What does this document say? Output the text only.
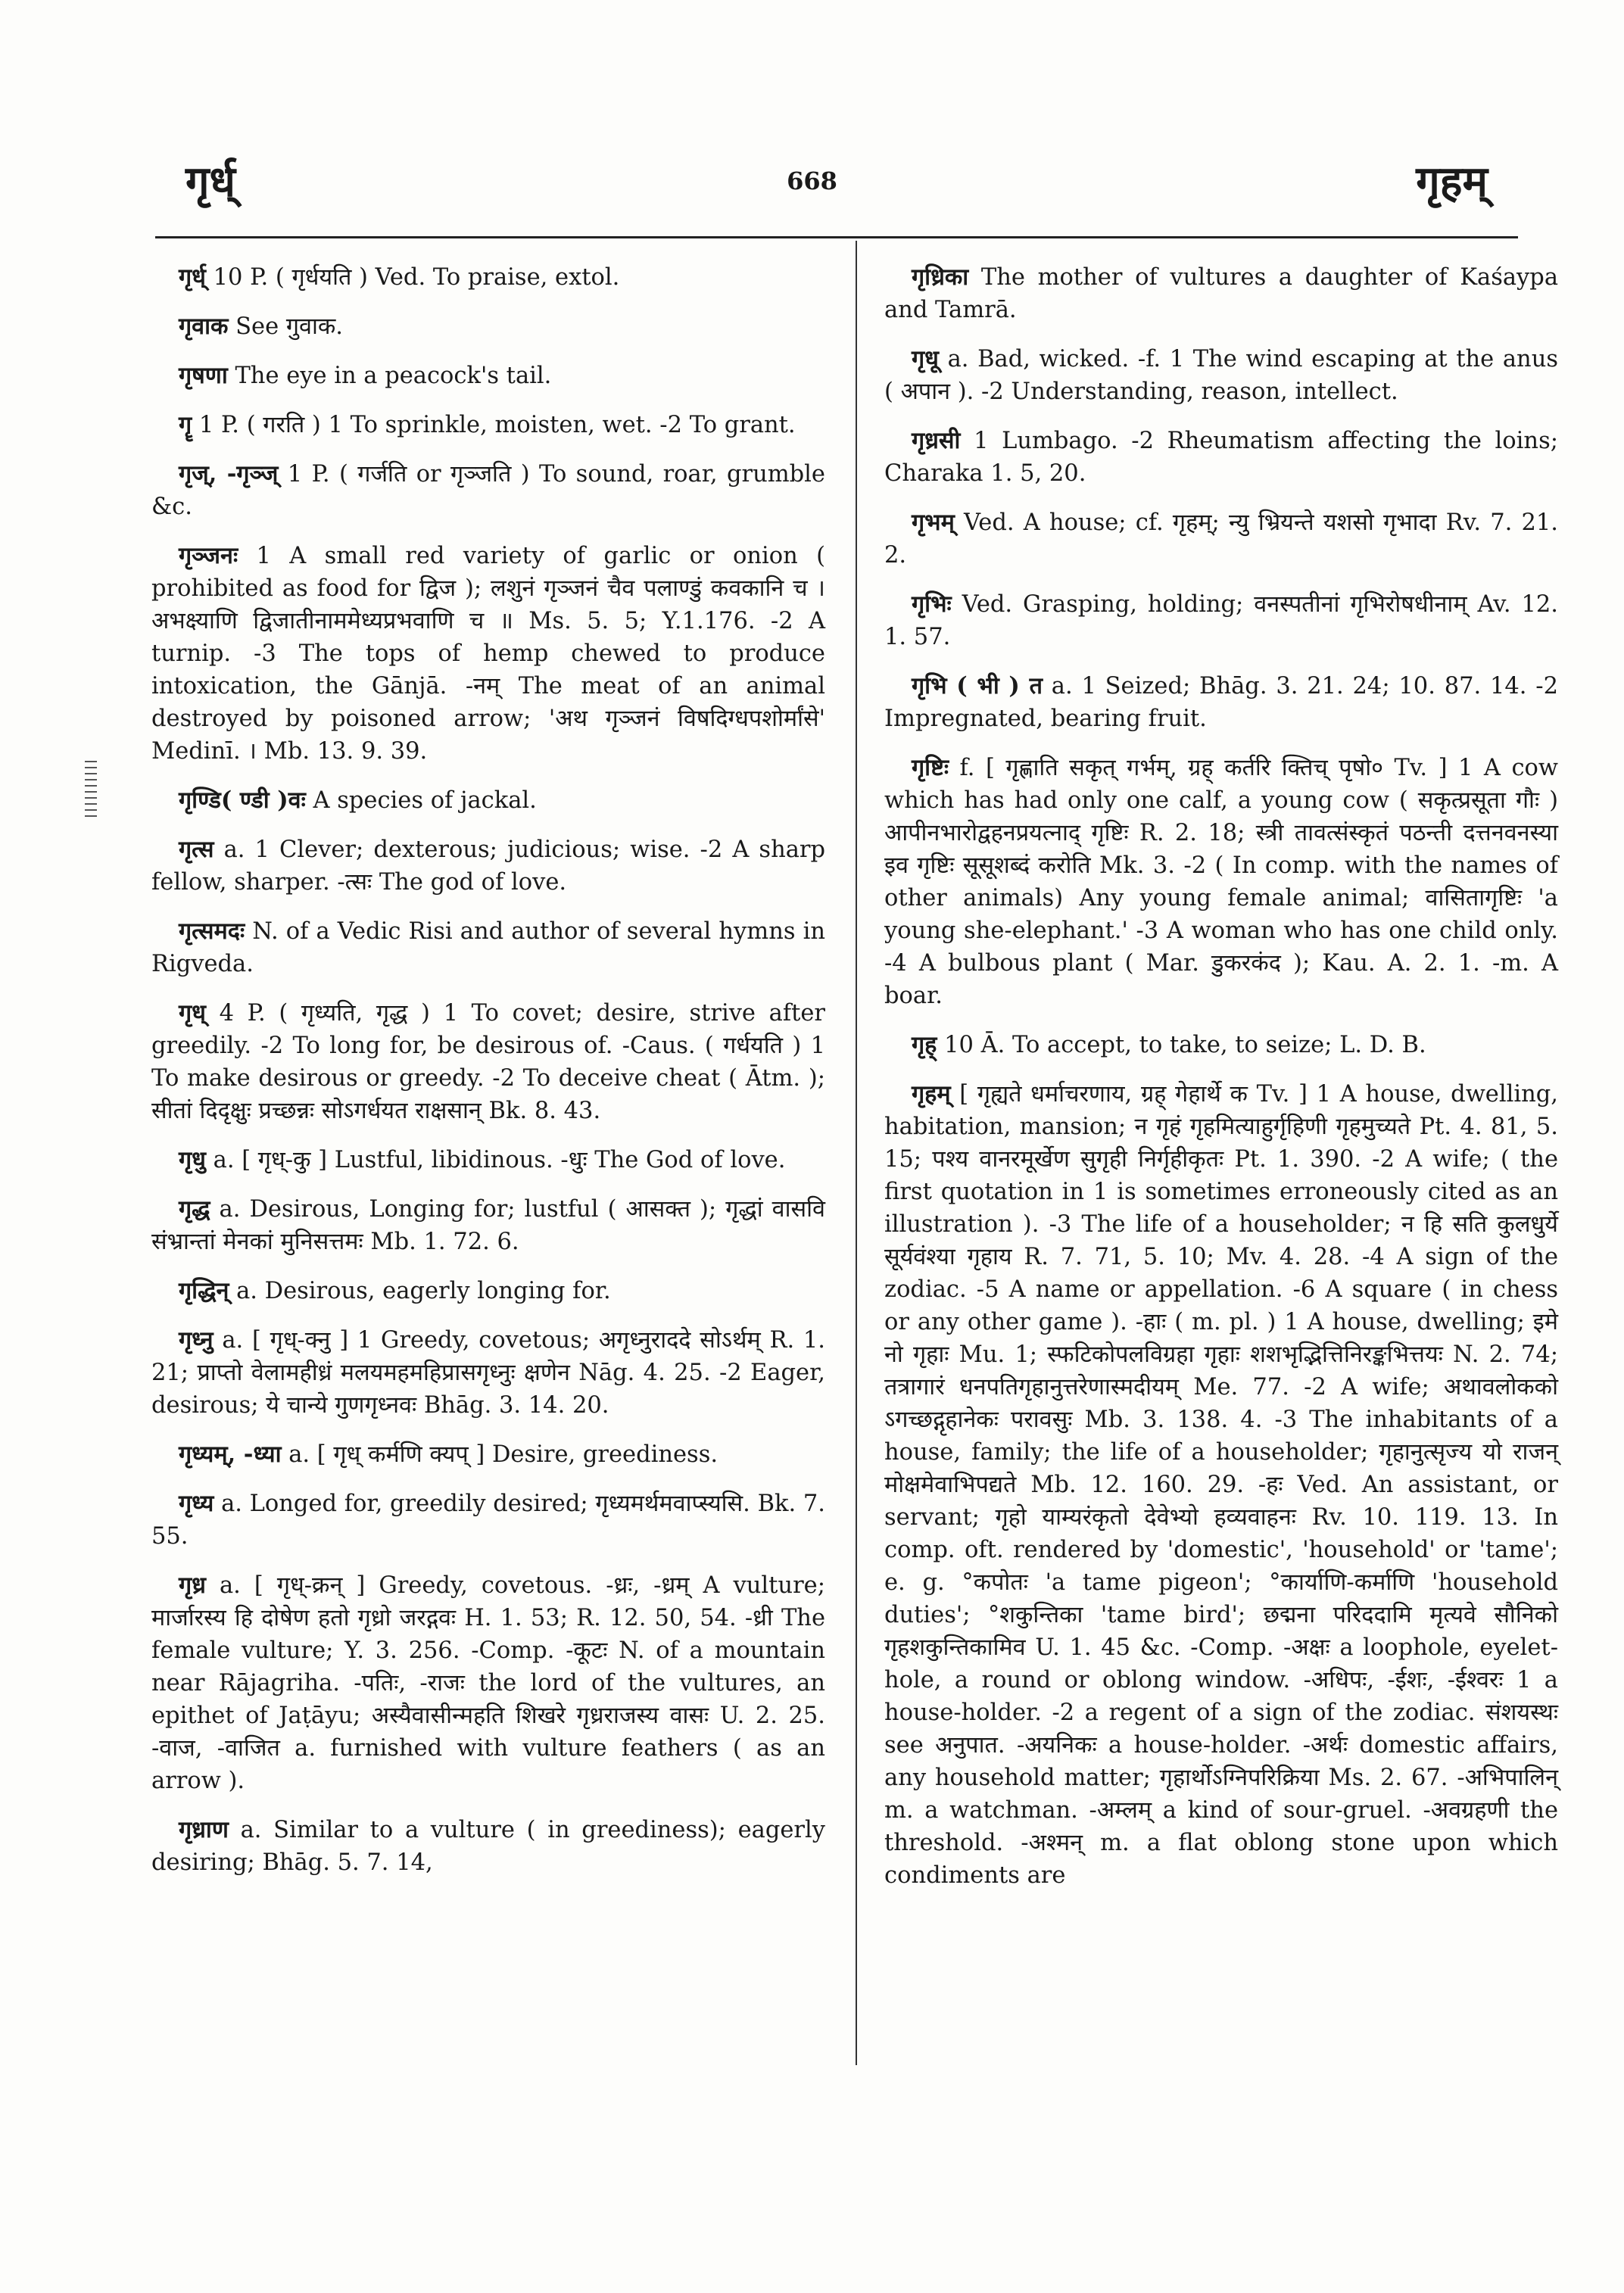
गृर्ध्	668	गृहम्

गृर्ध् 10 P. ( गृर्धयति ) Ved. To praise, extol.

गृवाक See गुवाक.

गृषणा The eye in a peacock's tail.

गॄ 1 P. ( गरति ) 1 To sprinkle, moisten, wet. -2 To grant.

गृज्, -गृञ्ज् 1 P. ( गर्जति or गृञ्जति ) To sound, roar, grumble &c.

गृञ्जनः 1 A small red variety of garlic or onion ( prohibited as food for द्विज ); लशुनं गृञ्जनं चैव पलाण्डुं कवकानि च । अभक्ष्याणि द्विजातीनाममेध्यप्रभवाणि च ॥ Ms. 5. 5; Y.1.176. -2 A turnip. -3 The tops of hemp chewed to produce intoxication, the Gānjā. -नम् The meat of an animal destroyed by poisoned arrow; 'अथ गृञ्जनं विषदिग्धपशोर्मांसे' Medinī. । Mb. 13. 9. 39.

गृण्डि( ण्डी )वः A species of jackal.

गृत्स a. 1 Clever; dexterous; judicious; wise. -2 A sharp fellow, sharper. -त्सः The god of love.

गृत्समदः N. of a Vedic Risi and author of several hymns in Rigveda.

गृध् 4 P. ( गृध्यति, गृद्ध ) 1 To covet; desire, strive after greedily. -2 To long for, be desirous of. -Caus. ( गर्धयति ) 1 To make desirous or greedy. -2 To deceive cheat ( Ātm. ); सीतां दिदृक्षुः प्रच्छन्नः सोऽगर्धयत राक्षसान् Bk. 8. 43.

गृधु a. [ गृध्-कु ] Lustful, libidinous. -धुः The God of love.

गृद्ध a. Desirous, Longing for; lustful ( आसक्त ); गृद्धां वासवि संभ्रान्तां मेनकां मुनिसत्तमः Mb. 1. 72. 6.

गृद्धिन् a. Desirous, eagerly longing for.

गृध्नु a. [ गृध्-क्नु ] 1 Greedy, covetous; अगृध्नुराददे सोऽर्थम् R. 1. 21; प्राप्तो वेलामहीध्रं मलयमहमहिप्रासगृध्नुः क्षणेन Nāg. 4. 25. -2 Eager, desirous; ये चान्ये गुणगृध्नवः Bhāg. 3. 14. 20.

गृध्यम्, -ध्या a. [ गृध् कर्मणि क्यप् ] Desire, greediness.

गृध्य a. Longed for, greedily desired; गृध्यमर्थमवाप्स्यसि. Bk. 7. 55.

गृध्र a. [ गृध्-क्रन् ] Greedy, covetous. -ध्रः, -ध्रम् A vulture; मार्जारस्य हि दोषेण हतो गृध्रो जरद्गवः H. 1. 53; R. 12. 50, 54. -ध्री The female vulture; Y. 3. 256. -Comp. -कूटः N. of a mountain near Rājagriha. -पतिः, -राजः the lord of the vultures, an epithet of Jaṭāyu; अस्यैवासीन्महति शिखरे गृध्रराजस्य वासः U. 2. 25. -वाज, -वाजित a. furnished with vulture feathers ( as an arrow ).

गृध्राण a. Similar to a vulture ( in greediness); eagerly desiring; Bhāg. 5. 7. 14,

गृध्रिका The mother of vultures a daughter of Kaśaypa and Tamrā.

गृधू a. Bad, wicked. -f. 1 The wind escaping at the anus ( अपान ). -2 Understanding, reason, intellect.

गृध्रसी 1 Lumbago. -2 Rheumatism affecting the loins; Charaka 1. 5, 20.

गृभम् Ved. A house; cf. गृहम्; न्यु भ्रियन्ते यशसो गृभादा Rv. 7. 21. 2.

गृभिः Ved. Grasping, holding; वनस्पतीनां गृभिरोषधीनाम् Av. 12. 1. 57.

गृभि ( भी ) त a. 1 Seized; Bhāg. 3. 21. 24; 10. 87. 14. -2 Impregnated, bearing fruit.

गृष्टिः f. [ गृह्णाति सकृत् गर्भम्, ग्रह् कर्तरि क्तिच् पृषो० Tv. ] 1 A cow which has had only one calf, a young cow ( सकृत्प्रसूता गौः ) आपीनभारोद्वहनप्रयत्नाद् गृष्टिः R. 2. 18; स्त्री तावत्संस्कृतं पठन्ती दत्तनवनस्या इव गृष्टिः सूसूशब्दं करोति Mk. 3. -2 ( In comp. with the names of other animals) Any young female animal; वासितागृष्टिः 'a young she-elephant.' -3 A woman who has one child only. -4 A bulbous plant ( Mar. डुकरकंद ); Kau. A. 2. 1. -m. A boar.

गृह् 10 Ā. To accept, to take, to seize; L. D. B.

गृहम् [ गृह्यते धर्माचरणाय, ग्रह् गेहार्थे क Tv. ] 1 A house, dwelling, habitation, mansion; न गृहं गृहमित्याहुर्गृहिणी गृहमुच्यते Pt. 4. 81, 5. 15; पश्य वानरमूर्खेण सुगृही निर्गृहीकृतः Pt. 1. 390. -2 A wife; ( the first quotation in 1 is sometimes erroneously cited as an illustration ). -3 The life of a householder; न हि सति कुलधुर्ये सूर्यवंश्या गृहाय R. 7. 71, 5. 10; Mv. 4. 28. -4 A sign of the zodiac. -5 A name or appellation. -6 A square ( in chess or any other game ). -हाः ( m. pl. ) 1 A house, dwelling; इमे नो गृहाः Mu. 1; स्फटिकोपलविग्रहा गृहाः शशभृद्भित्तिनिरङ्कभित्तयः N. 2. 74; तत्रागारं धनपतिगृहानुत्तरेणास्मदीयम् Me. 77. -2 A wife; अथावलोकको ऽगच्छद्गृहानेकः परावसुः Mb. 3. 138. 4. -3 The inhabitants of a house, family; the life of a householder; गृहानुत्सृज्य यो राजन् मोक्षमेवाभिपद्यते Mb. 12. 160. 29. -हः Ved. An assistant, or servant; गृहो याम्यरंकृतो देवेभ्यो हव्यवाहनः Rv. 10. 119. 13. In comp. oft. rendered by 'domestic', 'household' or 'tame'; e. g. °कपोतः 'a tame pigeon'; °कार्याणि-कर्माणि 'household duties'; °शकुन्तिका 'tame bird'; छद्मना परिददामि मृत्यवे सौनिको गृहशकुन्तिकामिव U. 1. 45 &c. -Comp. -अक्षः a loophole, eyelet-hole, a round or oblong window. -अधिपः, -ईशः, -ईश्वरः 1 a house-holder. -2 a regent of a sign of the zodiac. संशयस्थः see अनुपात. -अयनिकः a house-holder. -अर्थः domestic affairs, any household matter; गृहार्थोऽग्निपरिक्रिया Ms. 2. 67. -अभिपालिन् m. a watchman. -अम्लम् a kind of sour-gruel. -अवग्रहणी the threshold. -अश्मन् m. a flat oblong stone upon which condiments are
